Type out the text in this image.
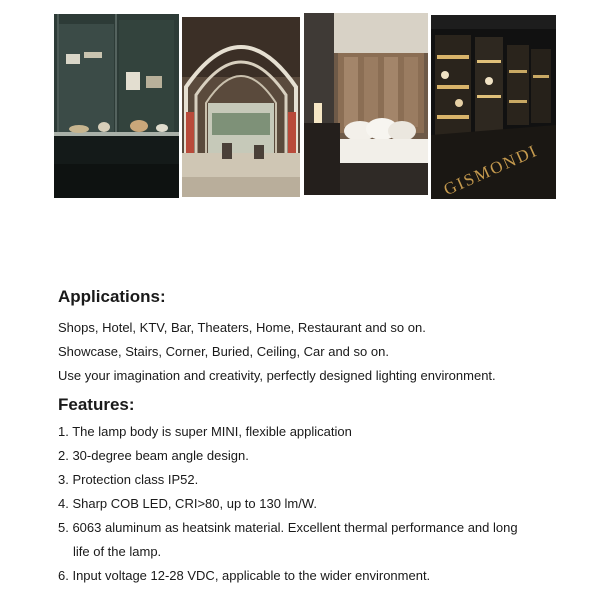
GISMONDI
Applications:

Shops, Hotel, KTV, Bar, Theaters, Home, Restaurant and so on.

Showcase, Stairs, Corner, Buried, Ceiling, Car and so on.

Use your imagination and creativity, perfectly designed lighting environment.

Features:
1. The lamp body is super MINI, flexible application
2. 30-degree beam angle design.
3. Protection class IP52.
4. Sharp COB LED, CRI>80, up to 130 lm/W.
5. 6063 aluminum as heatsink material. Excellent thermal performance and long
life of the lamp.
6. Input voltage 12-28 VDC, applicable to the wider environment.
